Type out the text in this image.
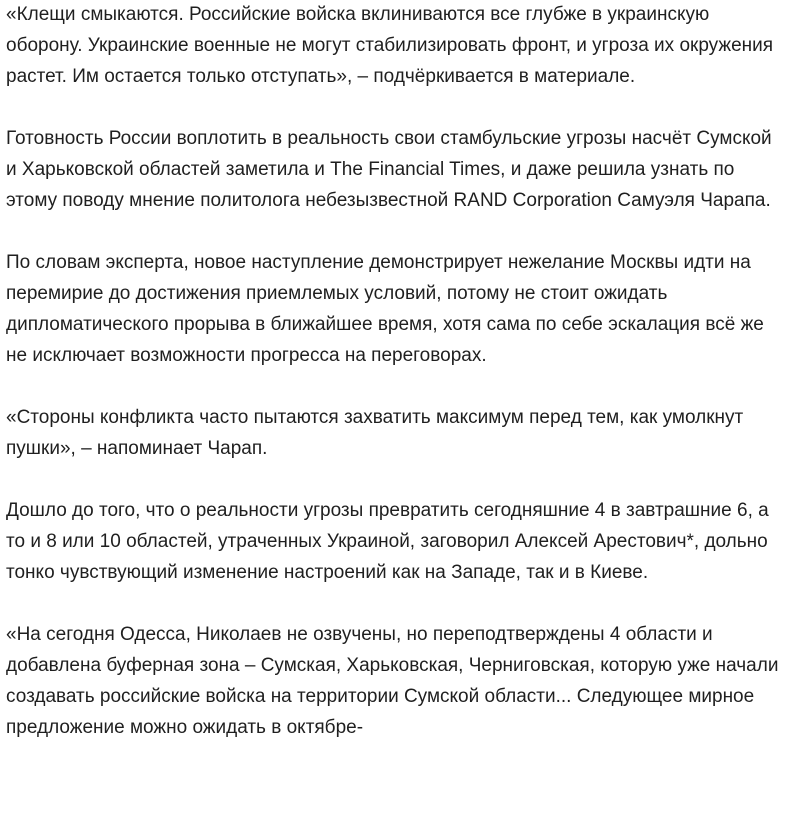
«Клещи смыкаются. Российские войска вклиниваются все глубже в украинскую оборону. Украинские военные не могут стабилизировать фронт, и угроза их окружения растет. Им остается только отступать», – подчёркивается в материале.

Готовность России воплотить в реальность свои стамбульские угрозы насчёт Сумской и Харьковской областей заметила и The Financial Times, и даже решила узнать по этому поводу мнение политолога небезызвестной RAND Corporation Самуэля Чарапа.

По словам эксперта, новое наступление демонстрирует нежелание Москвы идти на перемирие до достижения приемлемых условий, потому не стоит ожидать дипломатического прорыва в ближайшее время, хотя сама по себе эскалация всё же не исключает возможности прогресса на переговорах.

«Стороны конфликта часто пытаются захватить максимум перед тем, как умолкнут пушки», – напоминает Чарап.

Дошло до того, что о реальности угрозы превратить сегодняшние 4 в завтрашние 6, а то и 8 или 10 областей, утраченных Украиной, заговорил Алексей Арестович*, дольно тонко чувствующий изменение настроений как на Западе, так и в Киеве.

«На сегодня Одесса, Николаев не озвучены, но переподтверждены 4 области и добавлена буферная зона – Сумская, Харьковская, Черниговская, которую уже начали создавать российские войска на территории Сумской области... Следующее мирное предложение можно ожидать в октябре-
